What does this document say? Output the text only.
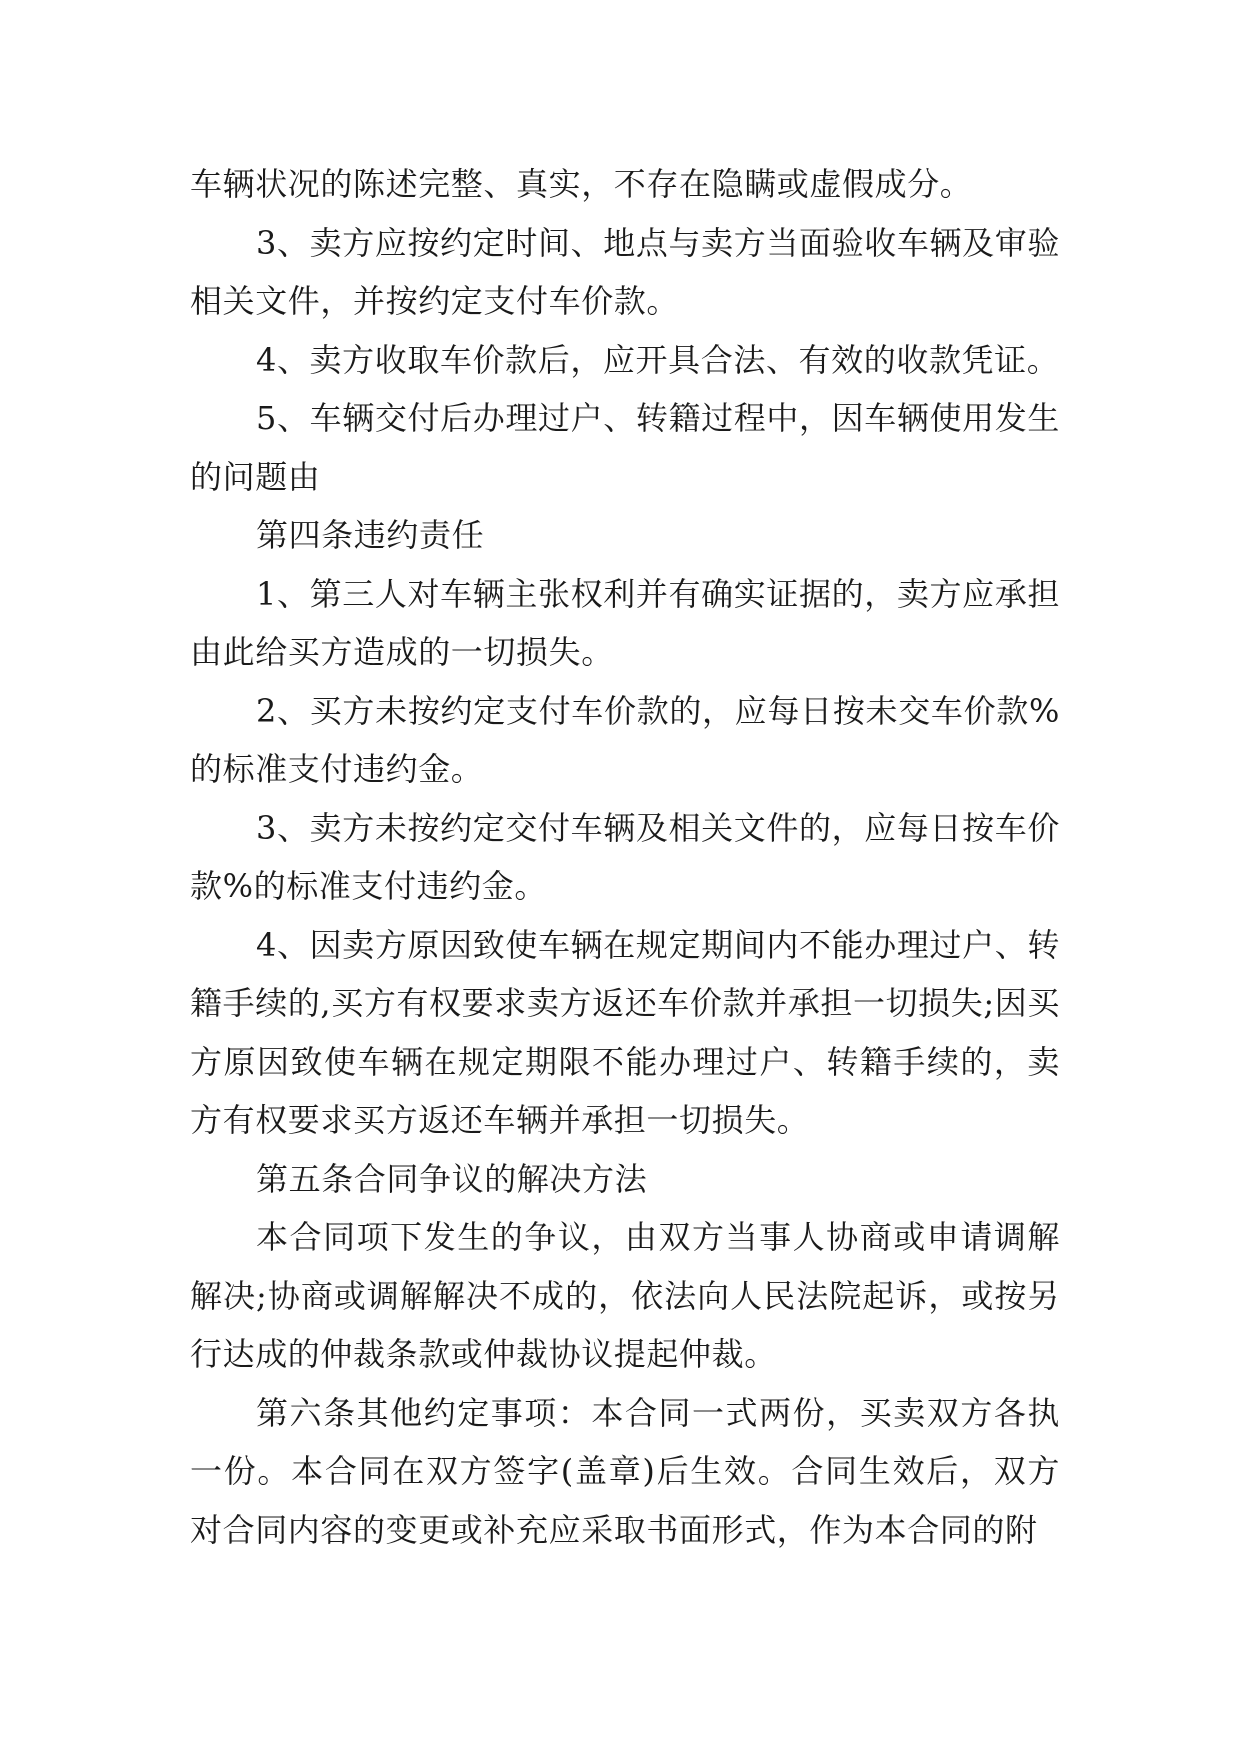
车辆状况的陈述完整、真实，不存在隐瞒或虚假成分。

3、卖方应按约定时间、地点与卖方当面验收车辆及审验相关文件，并按约定支付车价款。

4、卖方收取车价款后，应开具合法、有效的收款凭证。

5、车辆交付后办理过户、转籍过程中，因车辆使用发生的问题由

第四条违约责任

1、第三人对车辆主张权利并有确实证据的，卖方应承担由此给买方造成的一切损失。

2、买方未按约定支付车价款的，应每日按未交车价款%的标准支付违约金。

3、卖方未按约定交付车辆及相关文件的，应每日按车价款%的标准支付违约金。

4、因卖方原因致使车辆在规定期间内不能办理过户、转籍手续的,买方有权要求卖方返还车价款并承担一切损失;因买方原因致使车辆在规定期限不能办理过户、转籍手续的，卖方有权要求买方返还车辆并承担一切损失。

第五条合同争议的解决方法

本合同项下发生的争议，由双方当事人协商或申请调解解决;协商或调解解决不成的，依法向人民法院起诉，或按另行达成的仲裁条款或仲裁协议提起仲裁。

第六条其他约定事项：本合同一式两份，买卖双方各执一份。本合同在双方签字(盖章)后生效。合同生效后，双方对合同内容的变更或补充应采取书面形式，作为本合同的附
